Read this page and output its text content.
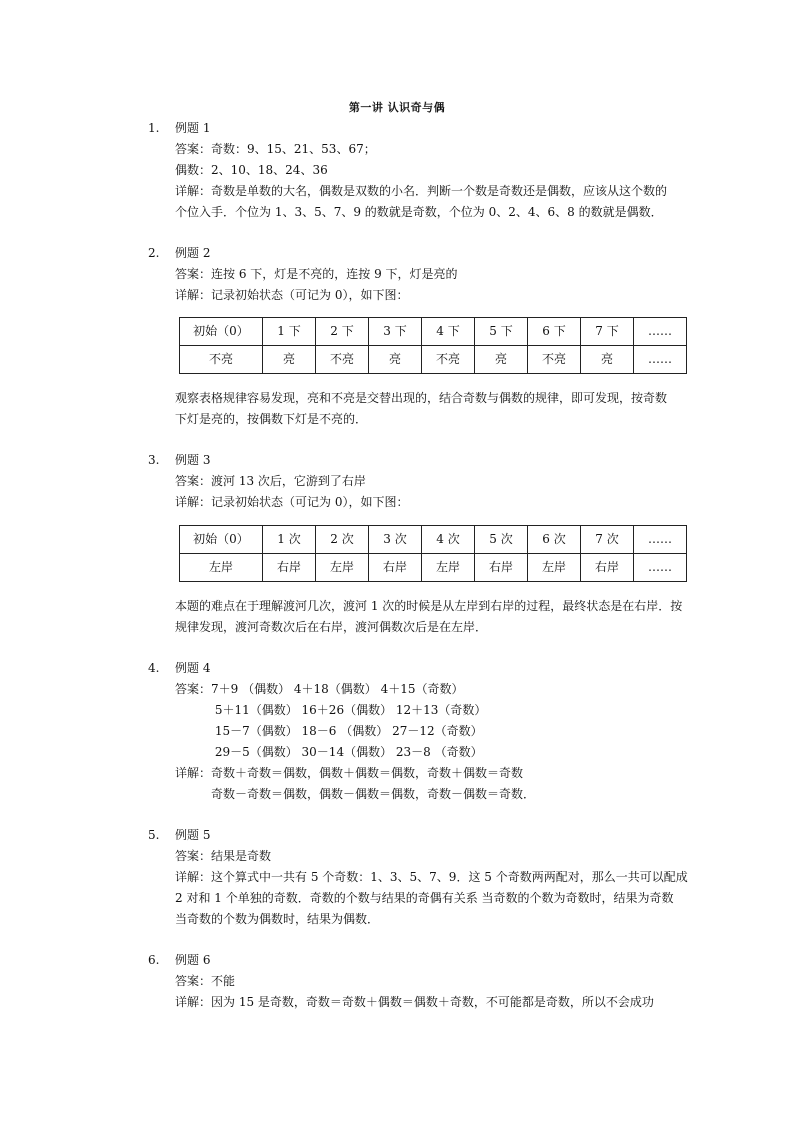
第一讲 认识奇与偶
1. 例题 1
答案：奇数：9、15、21、53、67；
偶数：2、10、18、24、36
详解：奇数是单数的大名，偶数是双数的小名．判断一个数是奇数还是偶数，应该从这个数的
个位入手．个位为 1、3、5、7、9 的数就是奇数，个位为 0、2、4、6、8 的数就是偶数．
2. 例题 2
答案：连按 6 下，灯是不亮的，连按 9 下，灯是亮的
详解：记录初始状态（可记为 0），如下图：
初始（0）	1 下	2 下	3 下	4 下	5 下	6 下	7 下	……
不亮	亮	不亮	亮	不亮	亮	不亮	亮	……
观察表格规律容易发现，亮和不亮是交替出现的，结合奇数与偶数的规律，即可发现，按奇数
下灯是亮的，按偶数下灯是不亮的．
3. 例题 3
答案：渡河 13 次后，它游到了右岸
详解：记录初始状态（可记为 0），如下图：
初始（0）	1 次	2 次	3 次	4 次	5 次	6 次	7 次	……
左岸	右岸	左岸	右岸	左岸	右岸	左岸	右岸	……
本题的难点在于理解渡河几次，渡河 1 次的时候是从左岸到右岸的过程，最终状态是在右岸．按
规律发现，渡河奇数次后在右岸，渡河偶数次后是在左岸．
4. 例题 4
答案：7＋9 （偶数） 4＋18（偶数） 4＋15（奇数）
　　　 5＋11（偶数） 16＋26（偶数） 12＋13（奇数）
　　　 15－7（偶数） 18－6 （偶数） 27－12（奇数）
　　　 29－5（偶数） 30－14（偶数） 23－8 （奇数）
详解：奇数＋奇数＝偶数，偶数＋偶数＝偶数，奇数＋偶数＝奇数
　　　奇数－奇数＝偶数，偶数－偶数＝偶数，奇数－偶数＝奇数．
5. 例题 5
答案：结果是奇数
详解：这个算式中一共有 5 个奇数：1、3、5、7、9．这 5 个奇数两两配对，那么一共可以配成
2 对和 1 个单独的奇数．奇数的个数与结果的奇偶有关系 当奇数的个数为奇数时，结果为奇数
当奇数的个数为偶数时，结果为偶数．
6. 例题 6
答案：不能
详解：因为 15 是奇数，奇数＝奇数＋偶数＝偶数＋奇数，不可能都是奇数，所以不会成功
